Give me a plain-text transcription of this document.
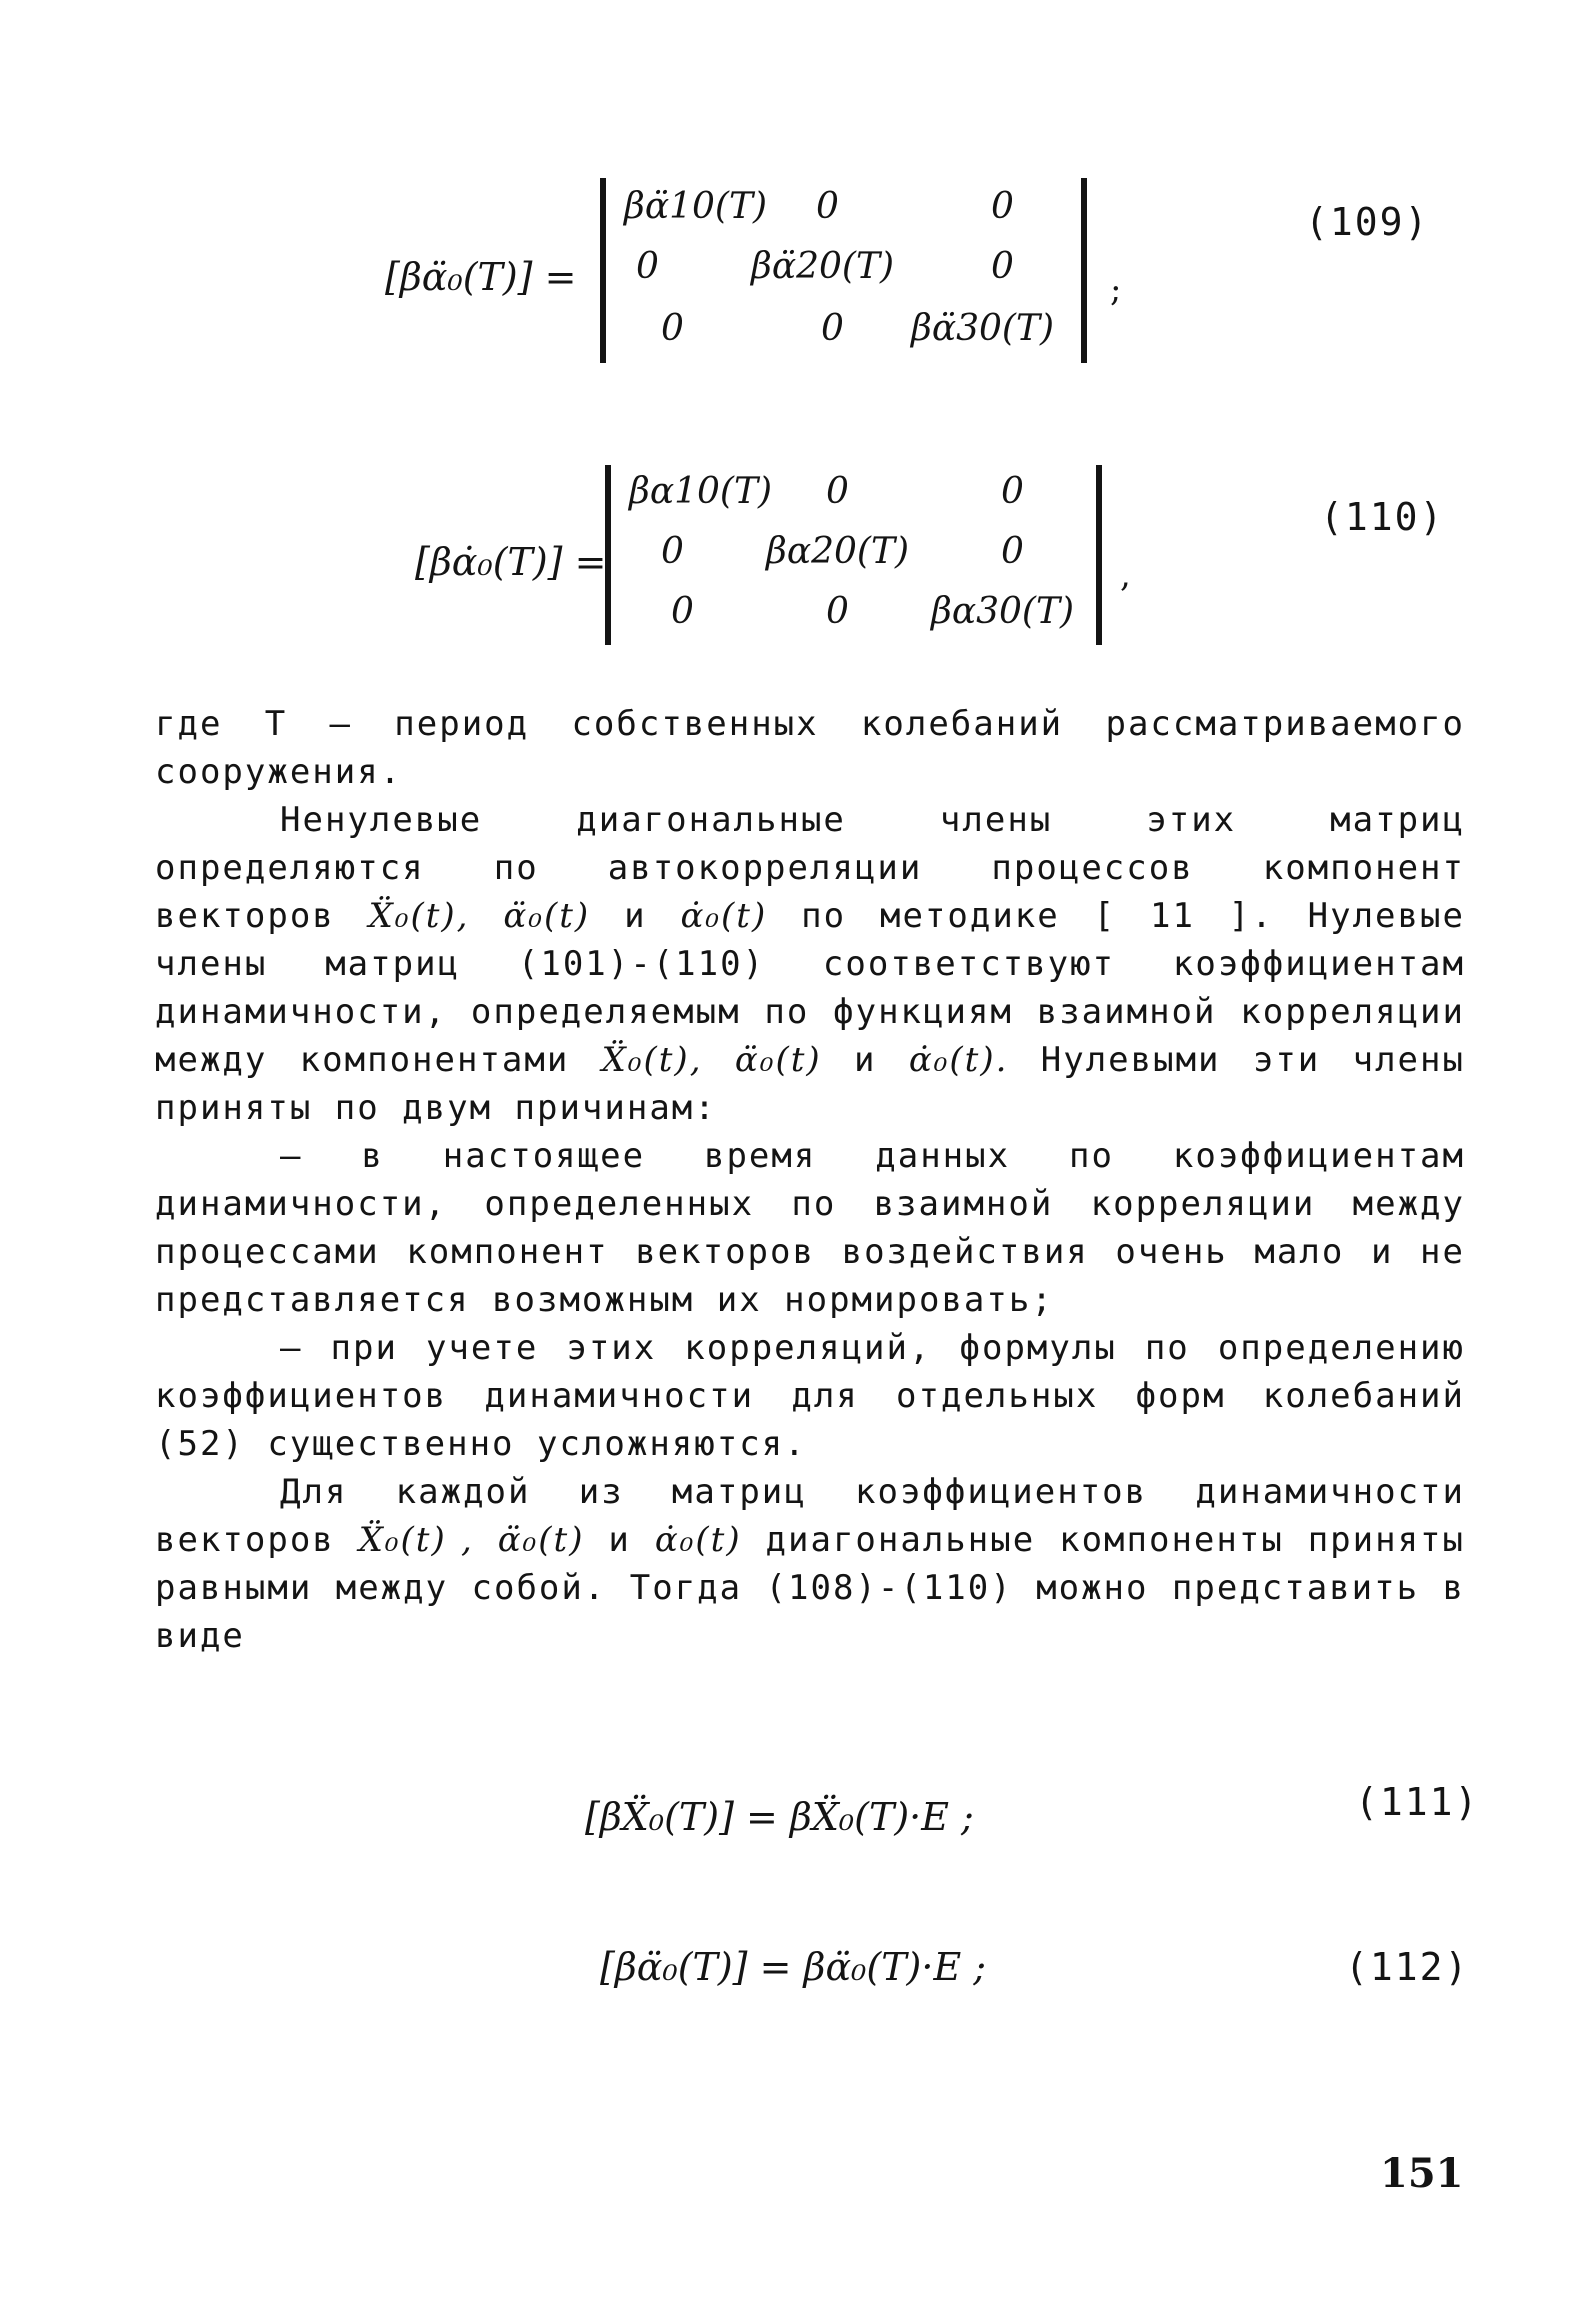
[βα̈₀(T)] =
βα̈10(T) 0	0
0	βα̈20(T)	0
0	0 βα̈30(T)
;
(109)
[βα̇₀(T)] =
βα10(T) 0	0
0 βα20(T)	0
0	0 βα30(T)
,
(110)

где T – период собственных колебаний рассматриваемого сооружения.

Ненулевые диагональные члены этих матриц определяются по автокорреляции процессов компонент векторов Ẍ₀(t), α̈₀(t) и α̇₀(t) по методике [ 11 ]. Нулевые члены матриц (101)-(110) соответствуют коэффициентам динамичности, определяемым по функциям взаимной корреляции между компонентами Ẍ₀(t), α̈₀(t) и α̇₀(t). Нулевыми эти члены приняты по двум причинам:

– в настоящее время данных по коэффициентам динамичности, определенных по взаимной корреляции между процессами компонент векторов воздействия очень мало и не представляется возможным их нормировать;

– при учете этих корреляций, формулы по определению коэффициентов динамичности для отдельных форм колебаний (52) существенно усложняются.

Для каждой из матриц коэффициентов динамичности векторов Ẍ₀(t) , α̈₀(t) и α̇₀(t) диагональные компоненты приняты равными между собой. Тогда (108)-(110) можно представить в виде

[βẌ₀(T)] = βẌ₀(T)·E ;	(111)
[βα̈₀(T)] = βα̈₀(T)·E ;	(112)
151
